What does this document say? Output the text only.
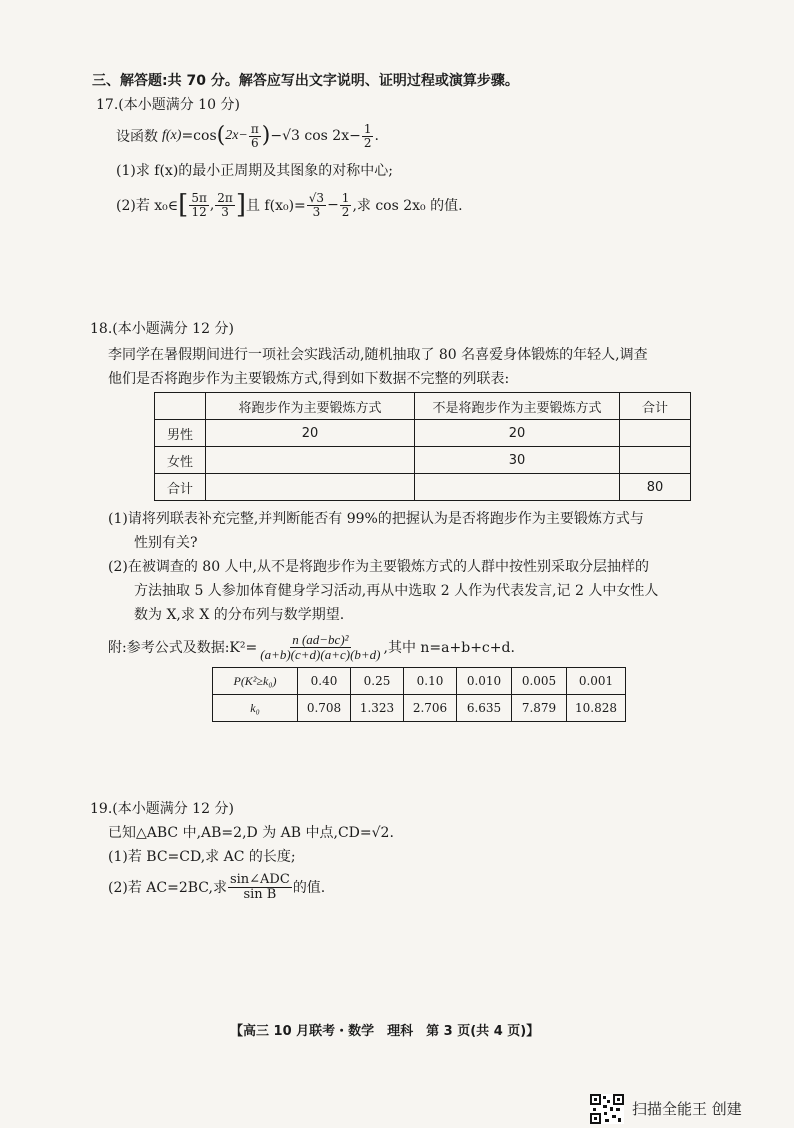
三、解答题:共 70 分。解答应写出文字说明、证明过程或演算步骤。
17.(本小题满分 10 分)
设函数 f(x) =cos ( $2x- \frac{\pi}{6}$ ) −√3 $\cos 2x- \frac{1}{2}$ .
(1)求 f(x)的最小正周期及其图象的对称中心;
(2)若 x₀∈ [ $\frac{5\pi}{12}$ , $\frac{2\pi}{3}$ ] 且 $f(x_0)= \frac{√3}{3} - \frac{1}{2}$ ,求 cos 2x₀ 的值.
18.(本小题满分 12 分)
李同学在暑假期间进行一项社会实践活动,随机抽取了 80 名喜爱身体锻炼的年轻人,调查
他们是否将跑步作为主要锻炼方式,得到如下数据不完整的列联表:
	将跑步作为主要锻炼方式	不是将跑步作为主要锻炼方式	合计
男性	20	20	
女性		30	
合计			80
(1)请将列联表补充完整,并判断能否有 99%的把握认为是否将跑步作为主要锻炼方式与
性别有关?
(2)在被调查的 80 人中,从不是将跑步作为主要锻炼方式的人群中按性别采取分层抽样的
方法抽取 5 人参加体育健身学习活动,再从中选取 2 人作为代表发言,记 2 人中女性人
数为 X,求 X 的分布列与数学期望.
附:参考公式及数据:K²= $\frac{\text{n (ad−bc)²}}{(a+b)(c+d)(a+c)(b+d)}$ ,其中 n=a+b+c+d.
P(K²≥k₀)	0.40	0.25	0.10	0.010	0.005	0.001
k₀	0.708	1.323	2.706	6.635	7.879	10.828
19.(本小题满分 12 分)
已知△ABC 中,AB=2,D 为 AB 中点,CD=√2.
(1)若 BC=CD,求 AC 的长度;
(2)若 AC=2BC,求 $\frac{\text{sin∠ADC}}{\text{sin B}}$ 的值.
【高三 10 月联考・数学　理科　第 3 页(共 4 页)】
扫描全能王 创建
